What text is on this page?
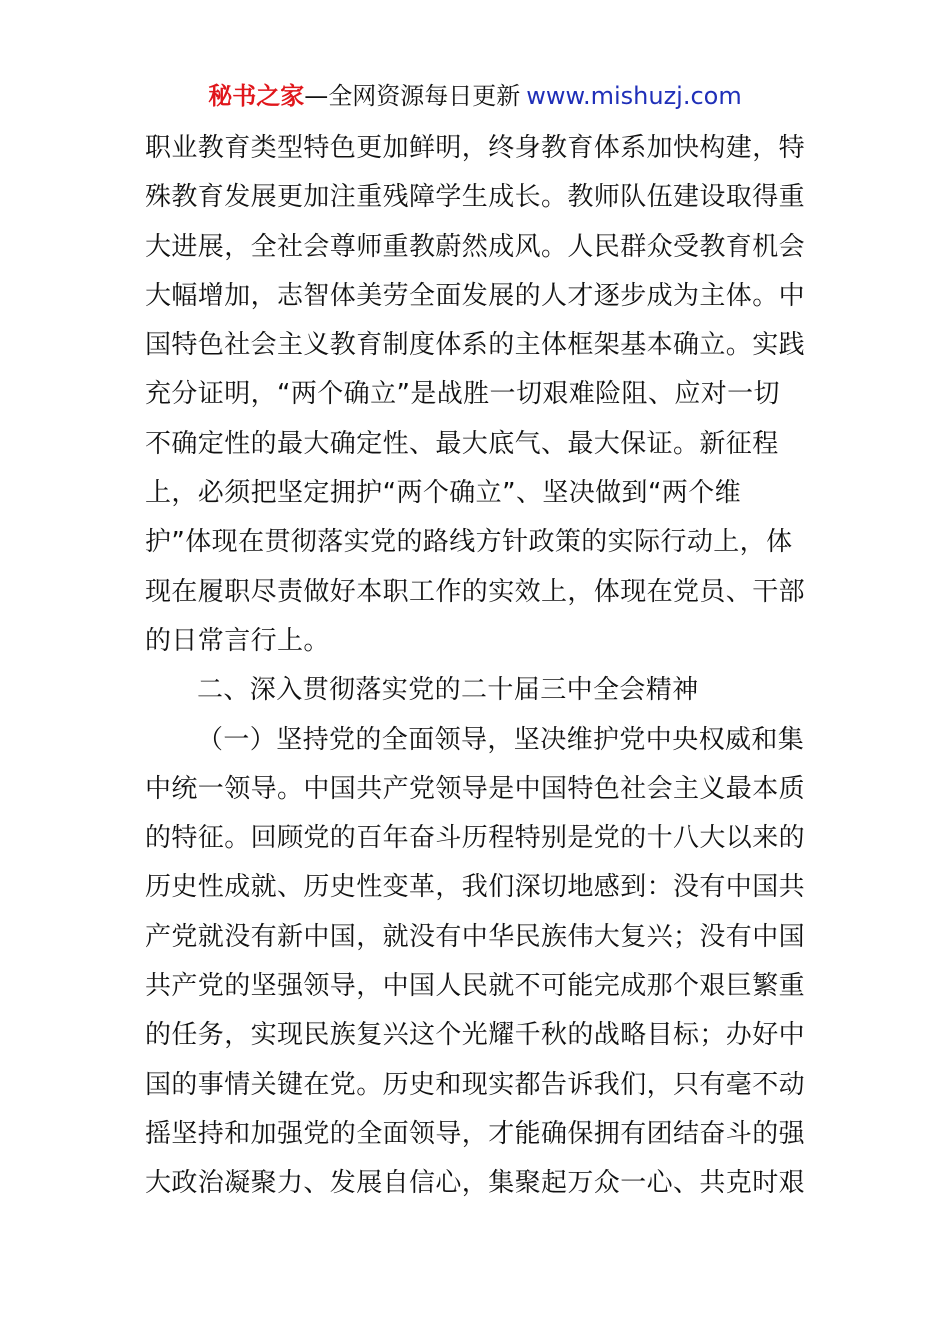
秘书之家—全网资源每日更新 www.mishuzj.com
职业教育类型特色更加鲜明，终身教育体系加快构建，特
殊教育发展更加注重残障学生成长。教师队伍建设取得重
大进展，全社会尊师重教蔚然成风。人民群众受教育机会
大幅增加，志智体美劳全面发展的人才逐步成为主体。中
国特色社会主义教育制度体系的主体框架基本确立。实践
充分证明，“两个确立”是战胜一切艰难险阻、应对一切
不确定性的最大确定性、最大底气、最大保证。新征程
上，必须把坚定拥护“两个确立”、坚决做到“两个维
护”体现在贯彻落实党的路线方针政策的实际行动上，体
现在履职尽责做好本职工作的实效上，体现在党员、干部
的日常言行上。
二、深入贯彻落实党的二十届三中全会精神
（一）坚持党的全面领导，坚决维护党中央权威和集
中统一领导。中国共产党领导是中国特色社会主义最本质
的特征。回顾党的百年奋斗历程特别是党的十八大以来的
历史性成就、历史性变革，我们深切地感到：没有中国共
产党就没有新中国，就没有中华民族伟大复兴；没有中国
共产党的坚强领导，中国人民就不可能完成那个艰巨繁重
的任务，实现民族复兴这个光耀千秋的战略目标；办好中
国的事情关键在党。历史和现实都告诉我们，只有毫不动
摇坚持和加强党的全面领导，才能确保拥有团结奋斗的强
大政治凝聚力、发展自信心，集聚起万众一心、共克时艰
